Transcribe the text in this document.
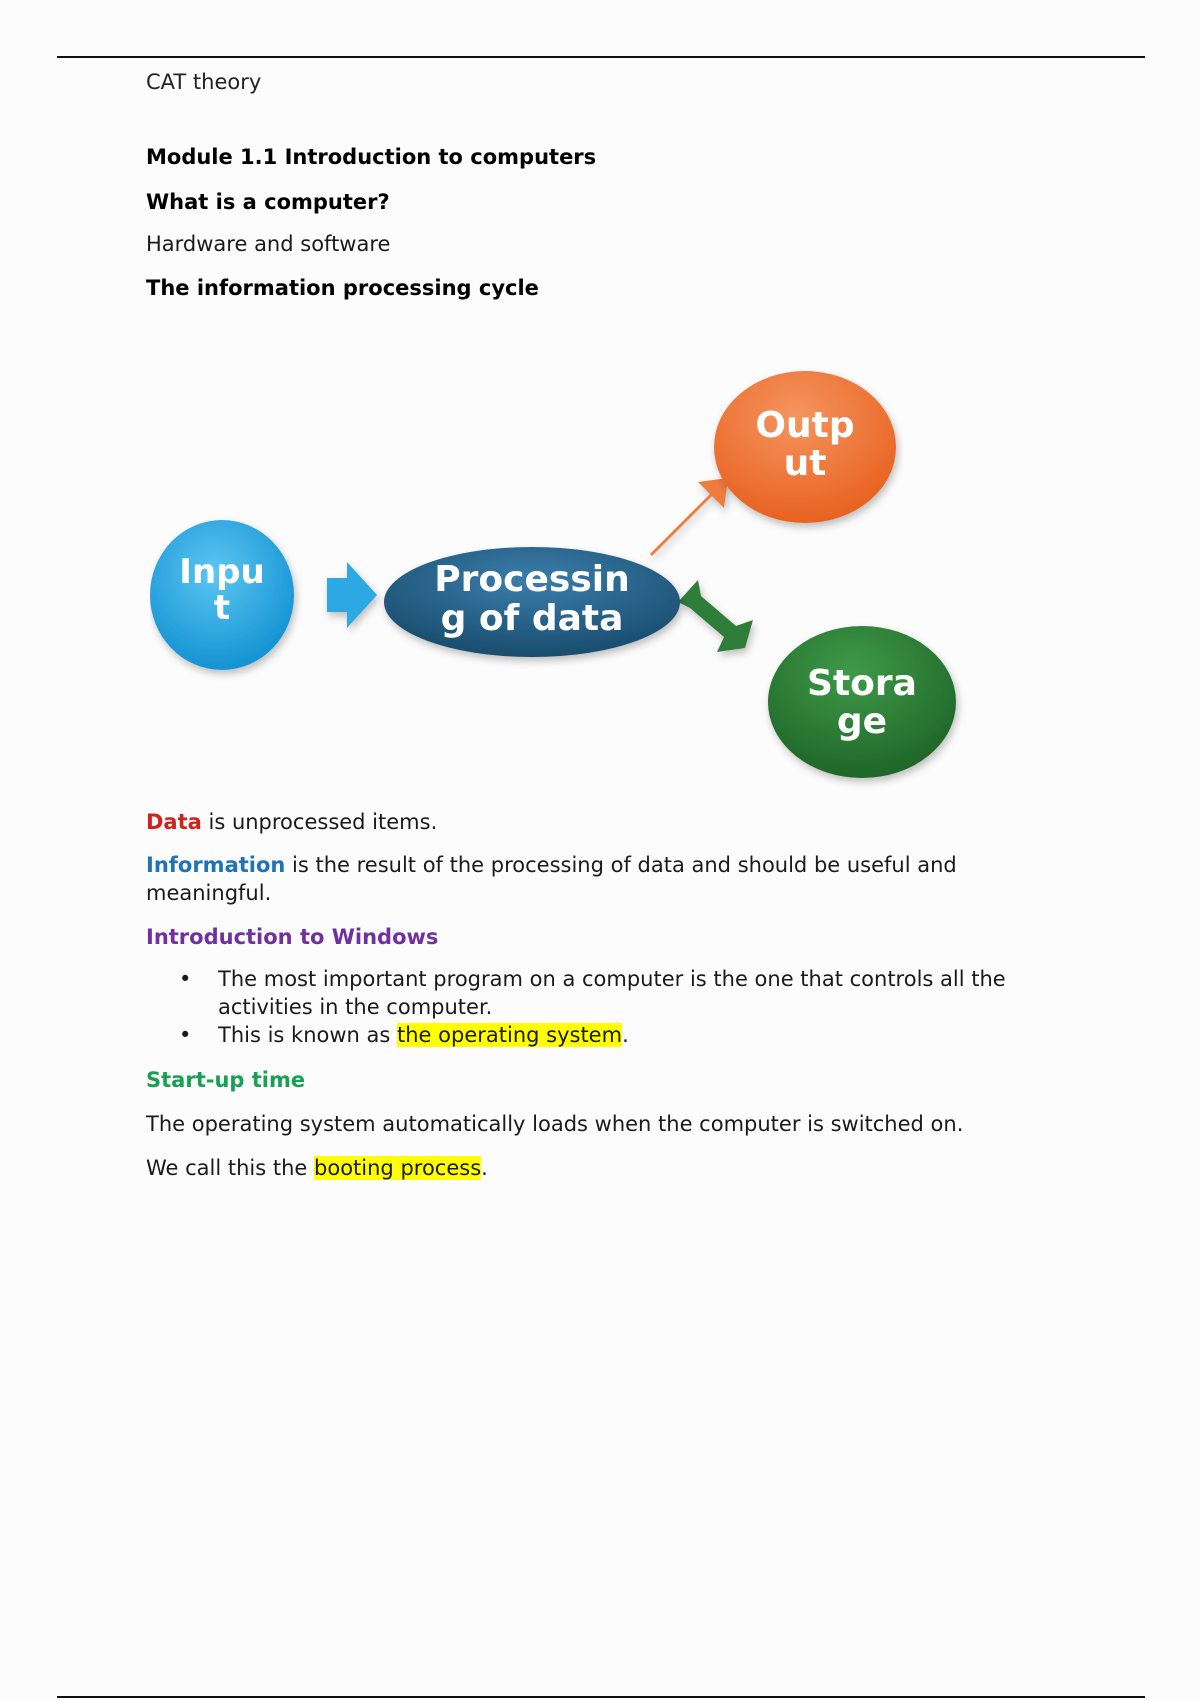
CAT theory
Module 1.1 Introduction to computers
What is a computer?
Hardware and software
The information processing cycle
Data is unprocessed items.
Information is the result of the processing of data and should be useful and meaningful.
Introduction to Windows
• The most important program on a computer is the one that controls all the activities in the computer.
• This is known as the operating system.
Start-up time
The operating system automatically loads when the computer is switched on.
We call this the booting process.
Inpu
t
Processin
g of data
Outp
ut
Stora
ge
